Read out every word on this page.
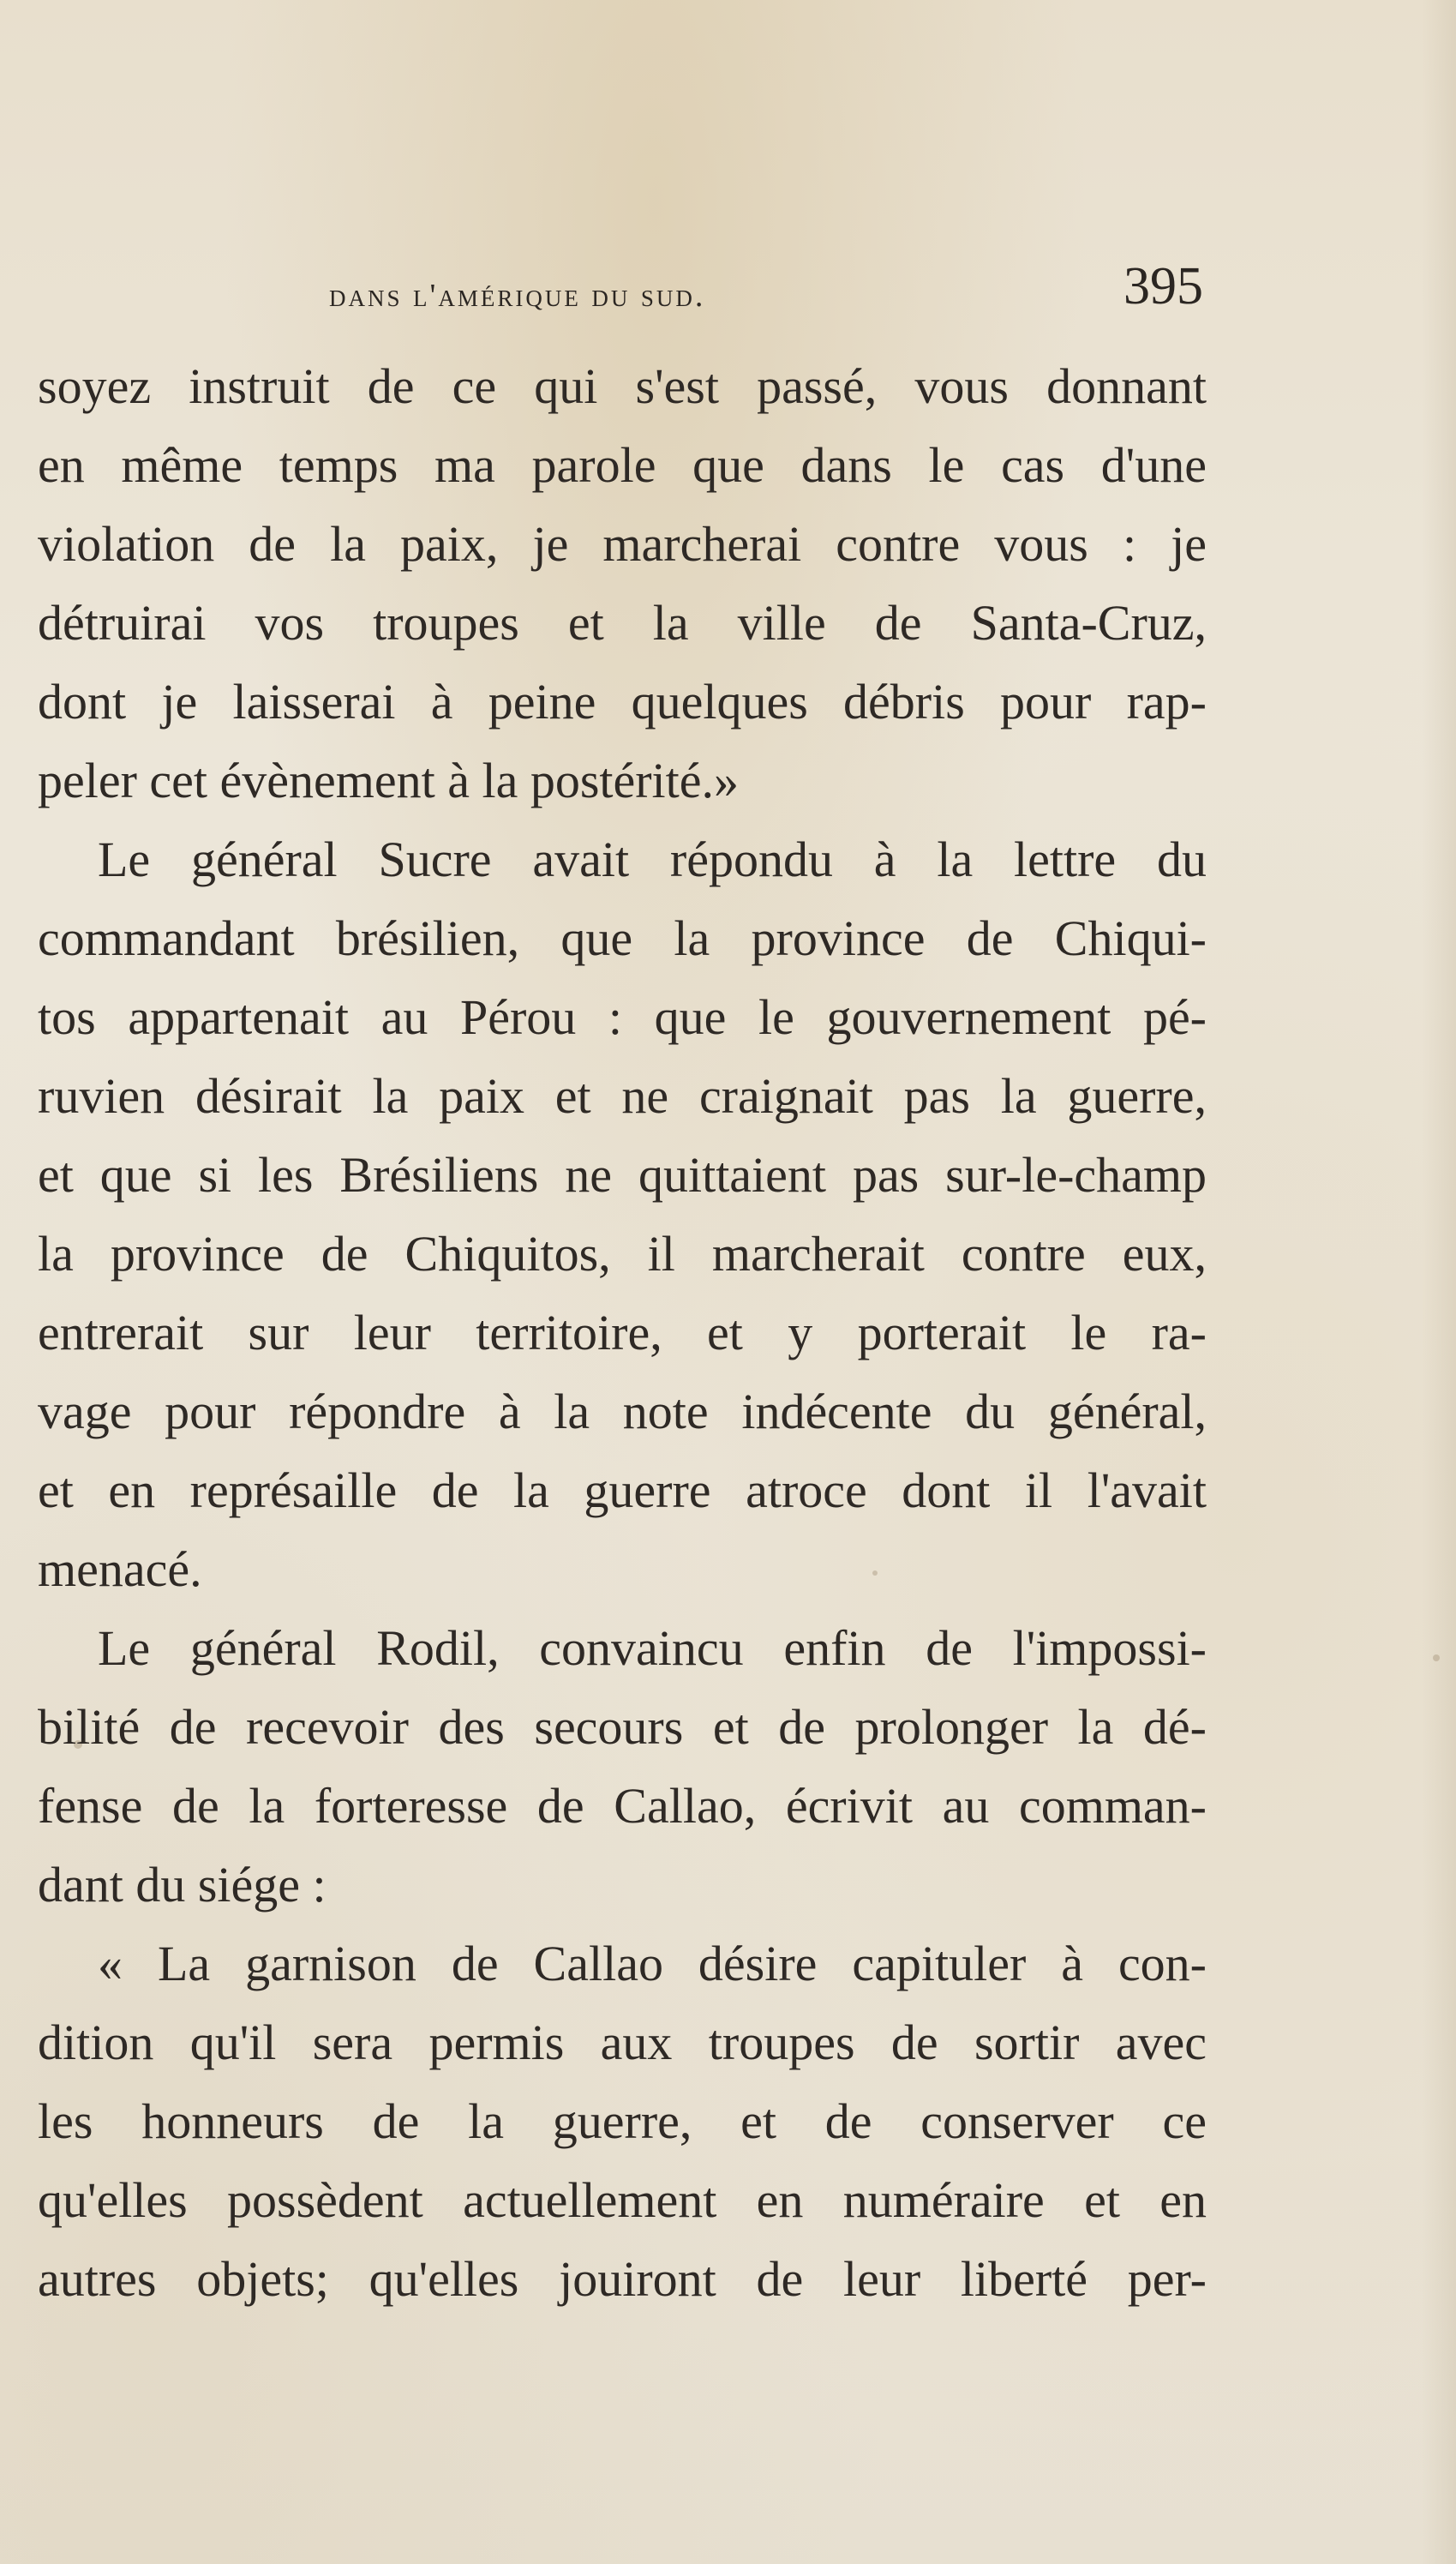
dans l'amérique du sud.	395
soyez instruit de ce qui s'est passé, vous donnant
en même temps ma parole que dans le cas d'une
violation de la paix, je marcherai contre vous : je
détruirai vos troupes et la ville de Santa-Cruz,
dont je laisserai à peine quelques débris pour rap-
peler cet évènement à la postérité.»
Le général Sucre avait répondu à la lettre du
commandant brésilien, que la province de Chiqui-
tos appartenait au Pérou : que le gouvernement pé-
ruvien désirait la paix et ne craignait pas la guerre,
et que si les Brésiliens ne quittaient pas sur-le-champ
la province de Chiquitos, il marcherait contre eux,
entrerait sur leur territoire, et y porterait le ra-
vage pour répondre à la note indécente du général,
et en représaille de la guerre atroce dont il l'avait
menacé.
Le général Rodil, convaincu enfin de l'impossi-
bilité de recevoir des secours et de prolonger la dé-
fense de la forteresse de Callao, écrivit au comman-
dant du siége :
« La garnison de Callao désire capituler à con-
dition qu'il sera permis aux troupes de sortir avec
les honneurs de la guerre, et de conserver ce
qu'elles possèdent actuellement en numéraire et en
autres objets; qu'elles jouiront de leur liberté per-
